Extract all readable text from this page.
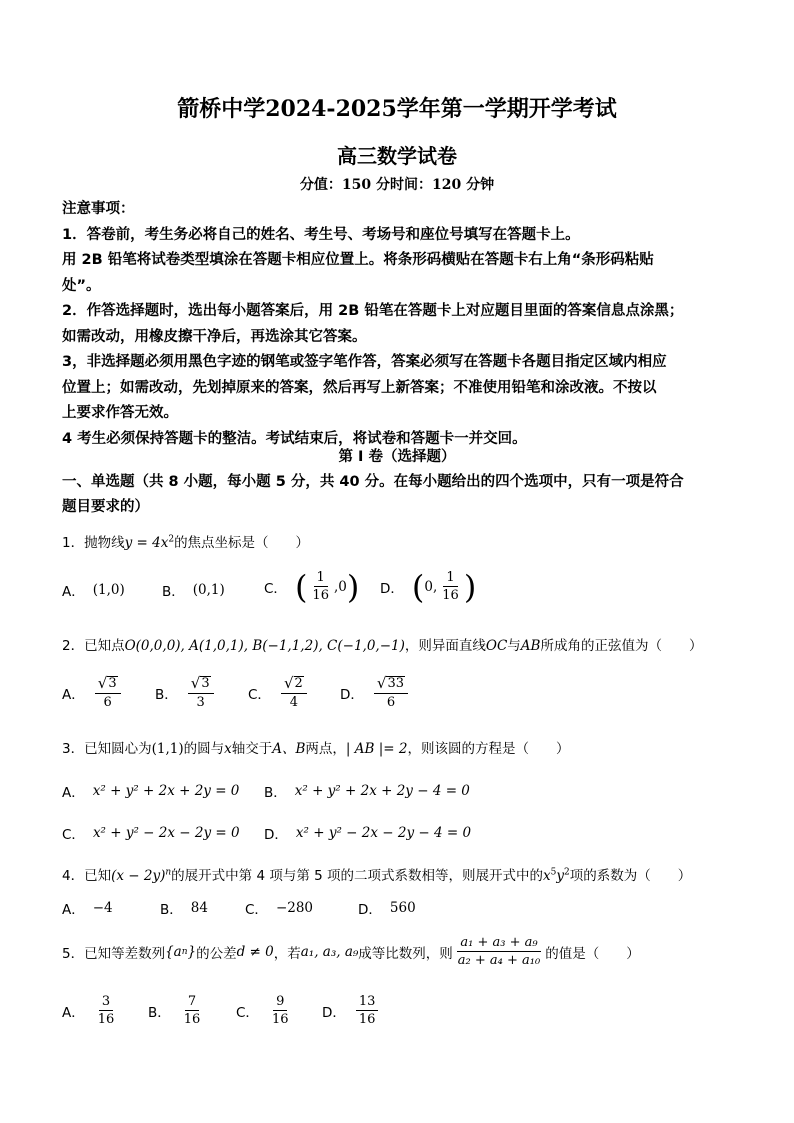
箭桥中学2024-2025学年第一学期开学考试
高三数学试卷
分值：150 分时间：120 分钟
注意事项：
1．答卷前，考生务必将自己的姓名、考生号、考场号和座位号填写在答题卡上。
用 2B 铅笔将试卷类型填涂在答题卡相应位置上。将条形码横贴在答题卡右上角“条形码粘贴
处”。
2．作答选择题时，选出每小题答案后，用 2B 铅笔在答题卡上对应题目里面的答案信息点涂黑；
如需改动，用橡皮擦干净后，再选涂其它答案。
3，非选择题必须用黑色字迹的钢笔或签字笔作答，答案必须写在答题卡各题目指定区域内相应
位置上；如需改动，先划掉原来的答案，然后再写上新答案；不准使用铅笔和涂改液。不按以
上要求作答无效。
4 考生必须保持答题卡的整洁。考试结束后，将试卷和答题卡一并交回。
第 I 卷（选择题）
一、单选题（共 8 小题，每小题 5 分，共 40 分。在每小题给出的四个选项中，只有一项是符合
题目要求的）
1．抛物线$y = 4x^2$的焦点坐标是（　　）
A． (1,0)	B． (0,1)	C． ( $\frac{1}{16} ,0$ ) D． ( 0, $\frac{1}{16}$ )
2．已知点O(0,0,0), A(1,0,1), B(−1,1,2), C(−1,0,−1)，则异面直线OC与AB所成角的正弦值为（　　）
A． $\frac{√ 3}{6}$	B． $\frac{√ 3}{3}$	C． $\frac{√ 2}{4}$ D． $\frac{√ 33}{6}$
3．已知圆心为(1,1)的圆与x轴交于A、B两点，| AB |= 2，则该圆的方程是（　　）
A． x² + y² + 2x + 2y = 0 B． x² + y² + 2x + 2y − 4 = 0
C． x² + y² − 2x − 2y = 0 D． x² + y² − 2x − 2y − 4 = 0
4．已知$(x - 2y)^n$的展开式中第 4 项与第 5 项的二项式系数相等，则展开式中的$x^5y^2$项的系数为（　　）
A． −4	B． 84	C． −280	D． 560
5．已知等差数列 {a n } 的公差 d ≠ 0 ，若 a₁, a₃, a₉ 成等比数列，则 $\frac{\text{a₁ + a₃ + a₉}}{\text{a₂ + a₄ + a₁₀}}$ 的值是（　　）
A． $\frac{3}{16}$ B． $\frac{7}{16}$ C． $\frac{9}{16}$ D． $\frac{13}{16}$
